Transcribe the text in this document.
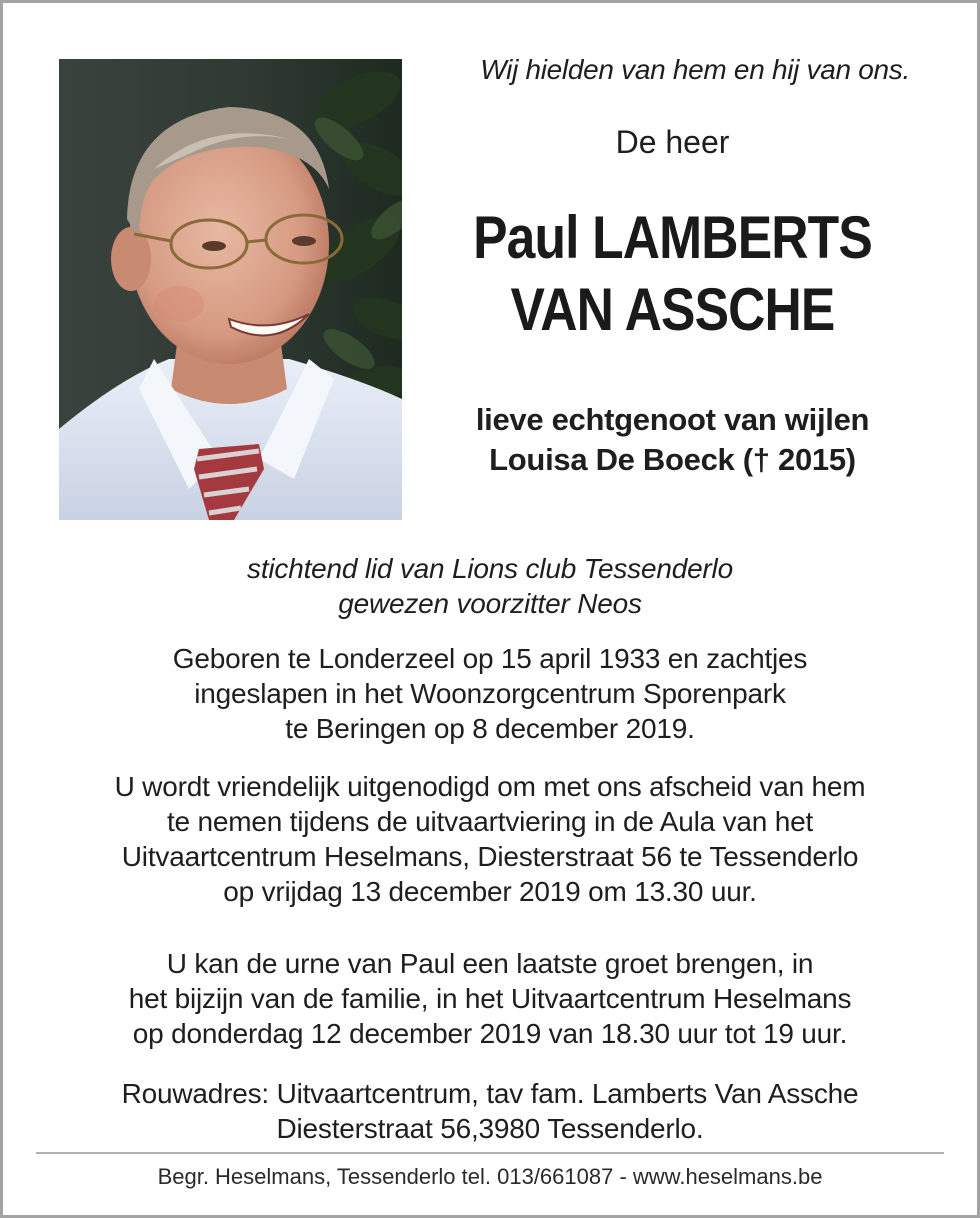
Wij hielden van hem en hij van ons.
De heer
Paul LAMBERTS
VAN ASSCHE
lieve echtgenoot van wijlen
Louisa De Boeck († 2015)
stichtend lid van Lions club Tessenderlo
gewezen voorzitter Neos
Geboren te Londerzeel op 15 april 1933 en zachtjes
ingeslapen in het Woonzorgcentrum Sporenpark
te Beringen op 8 december 2019.
U wordt vriendelijk uitgenodigd om met ons afscheid van hem
te nemen tijdens de uitvaartviering in de Aula van het
Uitvaartcentrum Heselmans, Diesterstraat 56 te Tessenderlo
op vrijdag 13 december 2019 om 13.30 uur.
U kan de urne van Paul een laatste groet brengen, in
het bijzijn van de familie, in het Uitvaartcentrum Heselmans
op donderdag 12 december 2019 van 18.30 uur tot 19 uur.
Rouwadres: Uitvaartcentrum, tav fam. Lamberts Van Assche
Diesterstraat 56,3980 Tessenderlo.
Begr. Heselmans, Tessenderlo tel. 013/661087 - www.heselmans.be
